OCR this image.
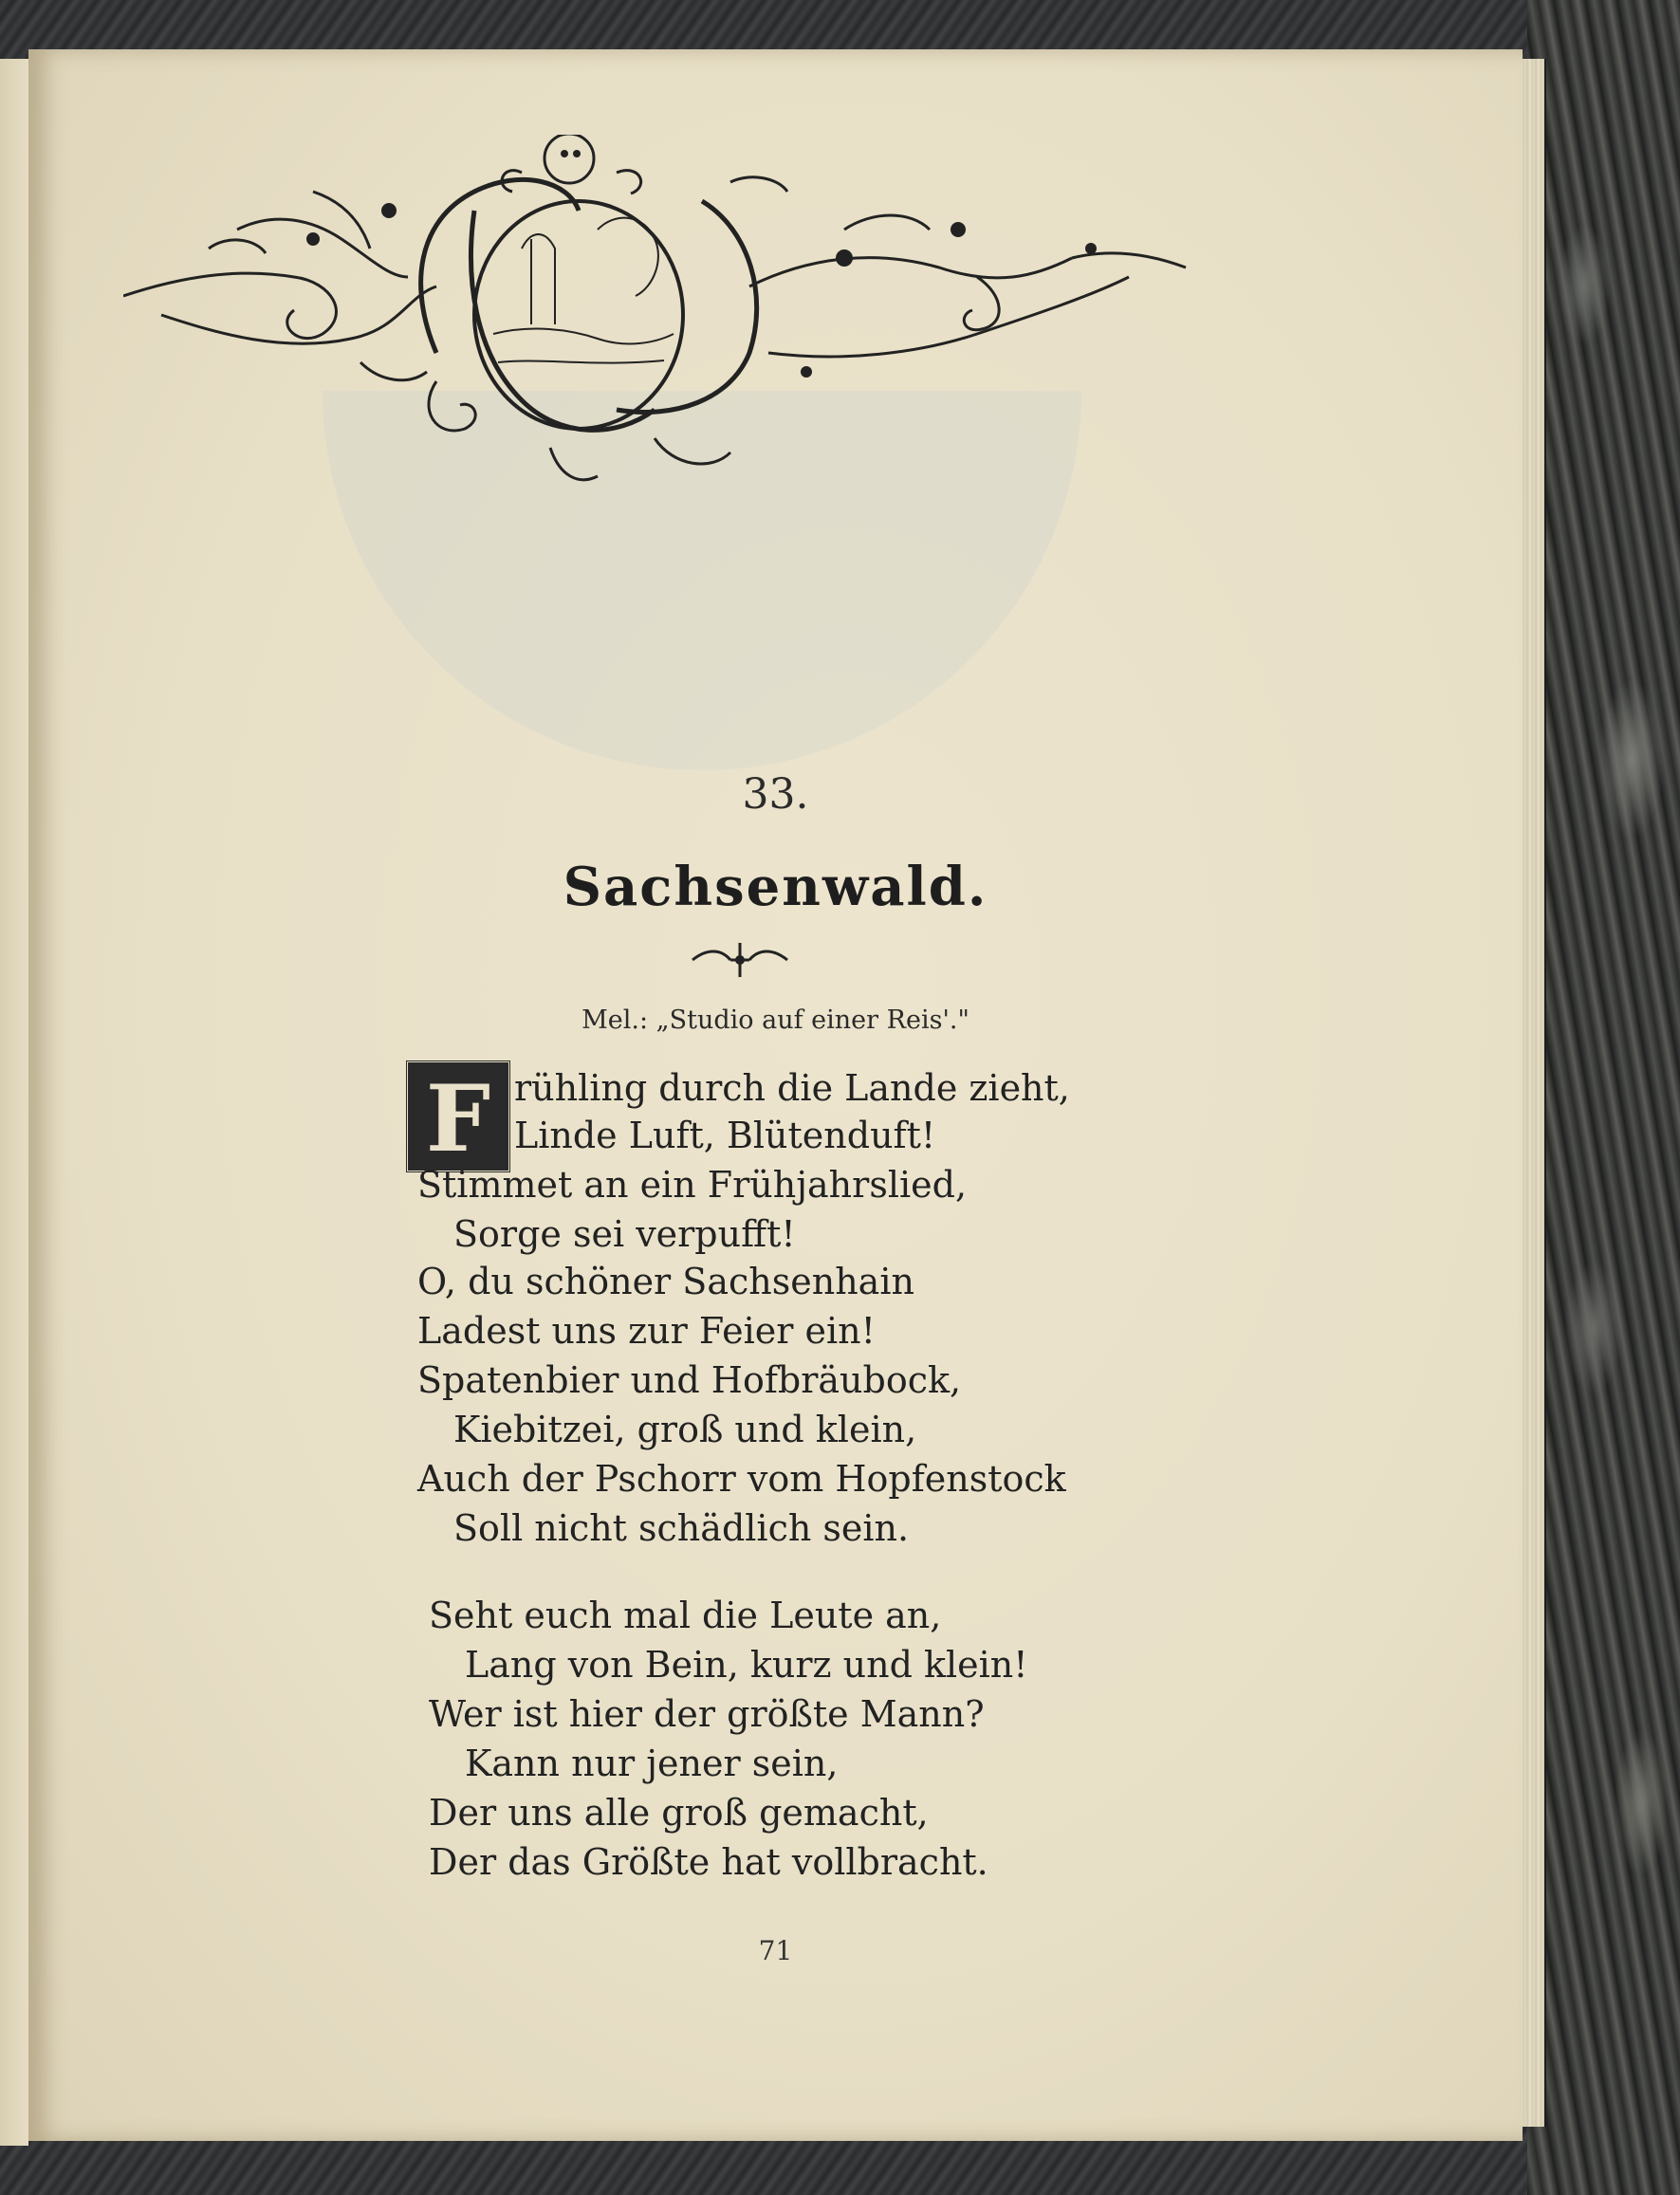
33.
Sachsenwald.
Mel.: „Studio auf einer Reis'."
F rühling durch die Lande zieht,
Linde Luft, Blütenduft!
Stimmet an ein Frühjahrslied,
Sorge sei verpufft!
O, du schöner Sachsenhain
Ladest uns zur Feier ein!
Spatenbier und Hofbräubock,
Kiebitzei, groß und klein,
Auch der Pschorr vom Hopfenstock
Soll nicht schädlich sein.
Seht euch mal die Leute an,
Lang von Bein, kurz und klein!
Wer ist hier der größte Mann?
Kann nur jener sein,
Der uns alle groß gemacht,
Der das Größte hat vollbracht.
71
